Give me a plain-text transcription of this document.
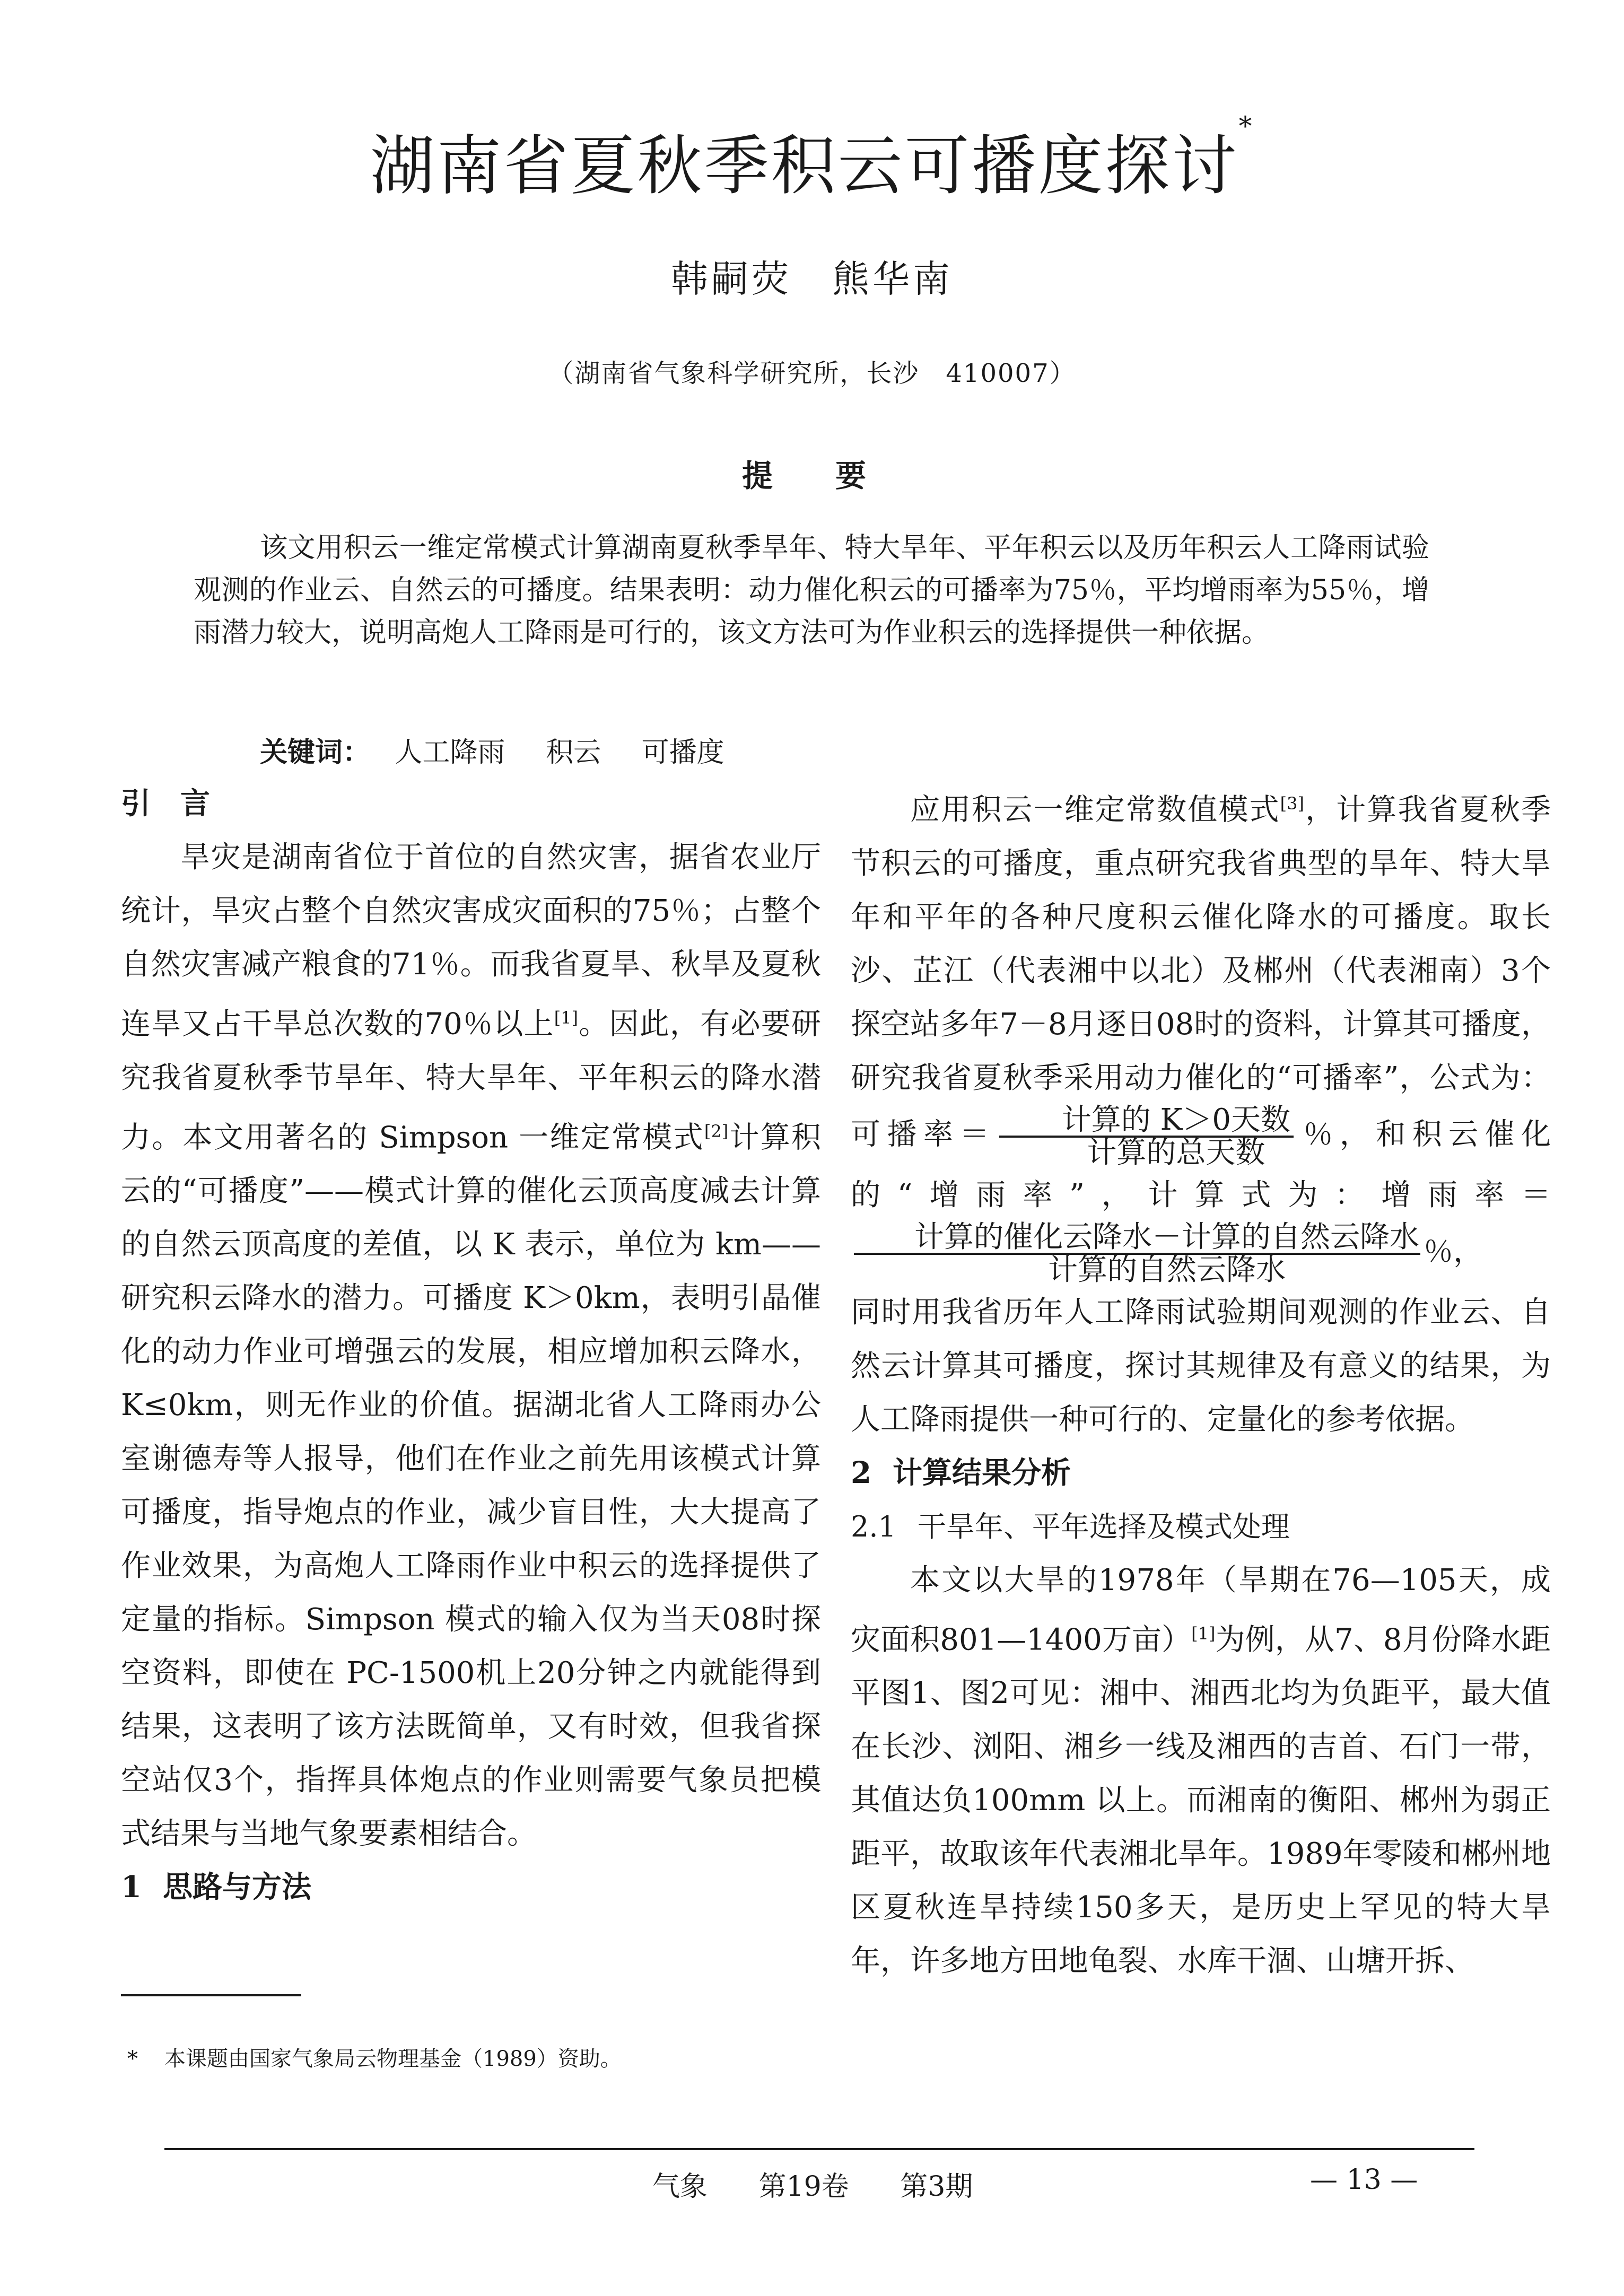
湖南省夏秋季积云可播度探讨*
韩嗣荧　熊华南
（湖南省气象科学研究所，长沙　410007）
提　要

该文用积云一维定常模式计算湖南夏秋季旱年、特大旱年、平年积云以及历年积云人工降雨试验观测的作业云、自然云的可播度。结果表明：动力催化积云的可播率为75％，平均增雨率为55％，增雨潜力较大，说明高炮人工降雨是可行的，该文方法可为作业积云的选择提供一种依据。

关键词： 人工降雨 积云 可播度
引　言

旱灾是湖南省位于首位的自然灾害，据省农业厅统计，旱灾占整个自然灾害成灾面积的75％；占整个自然灾害减产粮食的71％。而我省夏旱、秋旱及夏秋连旱又占干旱总次数的70％以上[1]。因此，有必要研究我省夏秋季节旱年、特大旱年、平年积云的降水潜力。本文用著名的 Simpson 一维定常模式[2]计算积云的“可播度”——模式计算的催化云顶高度减去计算的自然云顶高度的差值，以 K 表示，单位为 km——研究积云降水的潜力。可播度 K＞0km，表明引晶催化的动力作业可增强云的发展，相应增加积云降水，K≤0km，则无作业的价值。据湖北省人工降雨办公室谢德寿等人报导，他们在作业之前先用该模式计算可播度，指导炮点的作业，减少盲目性，大大提高了作业效果，为高炮人工降雨作业中积云的选择提供了定量的指标。Simpson 模式的输入仅为当天08时探空资料，即使在 PC-1500机上20分钟之内就能得到结果，这表明了该方法既简单，又有时效，但我省探空站仅3个，指挥具体炮点的作业则需要气象员把模式结果与当地气象要素相结合。

1 思路与方法

应用积云一维定常数值模式[3]，计算我省夏秋季节积云的可播度，重点研究我省典型的旱年、特大旱年和平年的各种尺度积云催化降水的可播度。取长沙、芷江（代表湘中以北）及郴州（代表湘南）3个探空站多年7－8月逐日08时的资料，计算其可播度，研究我省夏秋季采用动力催化的“可播率”，公式为：可播率＝ $\frac{\text{计算的 K＞0天数}}{\text{计算的总天数}}$ ％，和积云催化的“增雨率”，计算式为：增雨率＝
$\frac{\text{计算的催化云降水－计算的自然云降水}}{\text{计算的自然云降水}}$ ％，

同时用我省历年人工降雨试验期间观测的作业云、自然云计算其可播度，探讨其规律及有意义的结果，为人工降雨提供一种可行的、定量化的参考依据。

2 计算结果分析
2.1 干旱年、平年选择及模式处理

本文以大旱的1978年（旱期在76—105天，成灾面积801—1400万亩）[1]为例，从7、8月份降水距平图1、图2可见：湘中、湘西北均为负距平，最大值在长沙、浏阳、湘乡一线及湘西的吉首、石门一带，其值达负100mm 以上。而湘南的衡阳、郴州为弱正距平，故取该年代表湘北旱年。1989年零陵和郴州地区夏秋连旱持续150多天，是历史上罕见的特大旱年，许多地方田地龟裂、水库干涸、山塘开拆、

* 本课题由国家气象局云物理基金（1989）资助。
气象 第19卷 第3期	— 13 —
